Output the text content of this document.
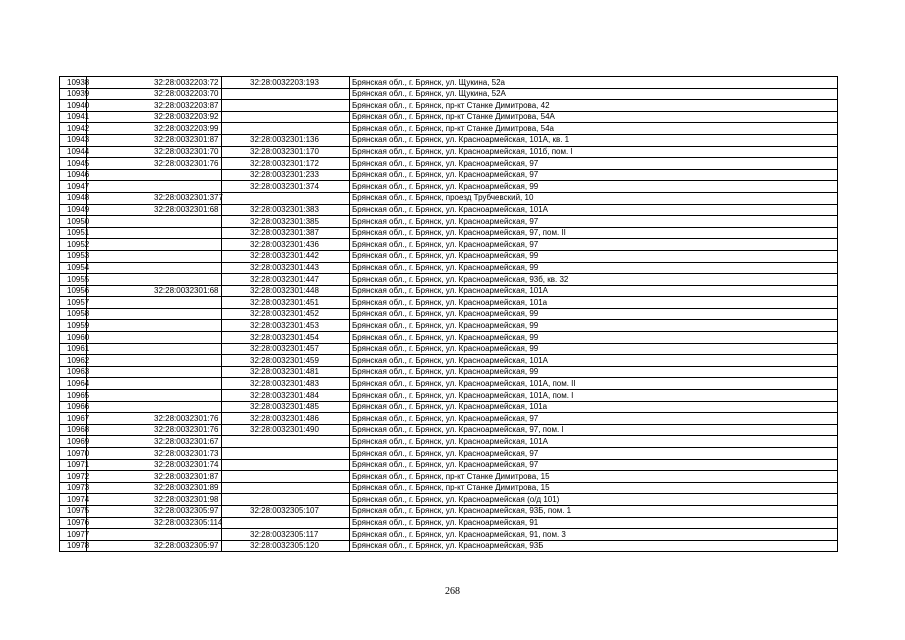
10938	32:28:0032203:72	32:28:0032203:193	Брянская обл., г. Брянск, ул. Щукина, 52а
10939	32:28:0032203:70		Брянская обл., г. Брянск, ул. Щукина, 52А
10940	32:28:0032203:87		Брянская обл., г. Брянск, пр-кт Станке Димитрова, 42
10941	32:28:0032203:92		Брянская обл., г. Брянск, пр-кт Станке Димитрова, 54А
10942	32:28:0032203:99		Брянская обл., г. Брянск, пр-кт Станке Димитрова, 54а
10943	32:28:0032301:87	32:28:0032301:136	Брянская обл., г. Брянск, ул. Красноармейская, 101А, кв. 1
10944	32:28:0032301:70	32:28:0032301:170	Брянская обл., г. Брянск, ул. Красноармейская, 101б, пом. I
10945	32:28:0032301:76	32:28:0032301:172	Брянская обл., г. Брянск, ул. Красноармейская, 97
10946		32:28:0032301:233	Брянская обл., г. Брянск, ул. Красноармейская, 97
10947		32:28:0032301:374	Брянская обл., г. Брянск, ул. Красноармейская, 99
10948	32:28:0032301:377		Брянская обл., г. Брянск, проезд Трубчевский, 10
10949	32:28:0032301:68	32:28:0032301:383	Брянская обл., г. Брянск, ул. Красноармейская, 101А
10950		32:28:0032301:385	Брянская обл., г. Брянск, ул. Красноармейская, 97
10951		32:28:0032301:387	Брянская обл., г. Брянск, ул. Красноармейская, 97, пом. II
10952		32:28:0032301:436	Брянская обл., г. Брянск, ул. Красноармейская, 97
10953		32:28:0032301:442	Брянская обл., г. Брянск, ул. Красноармейская, 99
10954		32:28:0032301:443	Брянская обл., г. Брянск, ул. Красноармейская, 99
10955		32:28:0032301:447	Брянская обл., г. Брянск, ул. Красноармейская, 93б, кв. 32
10956	32:28:0032301:68	32:28:0032301:448	Брянская обл., г. Брянск, ул. Красноармейская, 101А
10957		32:28:0032301:451	Брянская обл., г. Брянск, ул. Красноармейская, 101а
10958		32:28:0032301:452	Брянская обл., г. Брянск, ул. Красноармейская, 99
10959		32:28:0032301:453	Брянская обл., г. Брянск, ул. Красноармейская, 99
10960		32:28:0032301:454	Брянская обл., г. Брянск, ул. Красноармейская, 99
10961		32:28:0032301:457	Брянская обл., г. Брянск, ул. Красноармейская, 99
10962		32:28:0032301:459	Брянская обл., г. Брянск, ул. Красноармейская, 101А
10963		32:28:0032301:481	Брянская обл., г. Брянск, ул. Красноармейская, 99
10964		32:28:0032301:483	Брянская обл., г. Брянск, ул. Красноармейская, 101А, пом. II
10965		32:28:0032301:484	Брянская обл., г. Брянск, ул. Красноармейская, 101А, пом. I
10966		32:28:0032301:485	Брянская обл., г. Брянск, ул. Красноармейская, 101а
10967	32:28:0032301:76	32:28:0032301:486	Брянская обл., г. Брянск, ул. Красноармейская, 97
10968	32:28:0032301:76	32:28:0032301:490	Брянская обл., г. Брянск, ул. Красноармейская, 97, пом. I
10969	32:28:0032301:67		Брянская обл., г. Брянск, ул. Красноармейская, 101А
10970	32:28:0032301:73		Брянская обл., г. Брянск, ул. Красноармейская, 97
10971	32:28:0032301:74		Брянская обл., г. Брянск, ул. Красноармейская, 97
10972	32:28:0032301:87		Брянская обл., г. Брянск, пр-кт Станке Димитрова, 15
10973	32:28:0032301:89		Брянская обл., г. Брянск, пр-кт Станке Димитрова, 15
10974	32:28:0032301:98		Брянская обл., г. Брянск, ул. Красноармейская (о/д 101)
10975	32:28:0032305:97	32:28:0032305:107	Брянская обл., г. Брянск, ул. Красноармейская, 93Б, пом. 1
10976	32:28:0032305:114		Брянская обл., г. Брянск, ул. Красноармейская, 91
10977		32:28:0032305:117	Брянская обл., г. Брянск, ул. Красноармейская, 91, пом. 3
10978	32:28:0032305:97	32:28:0032305:120	Брянская обл., г. Брянск, ул. Красноармейская, 93Б
268
